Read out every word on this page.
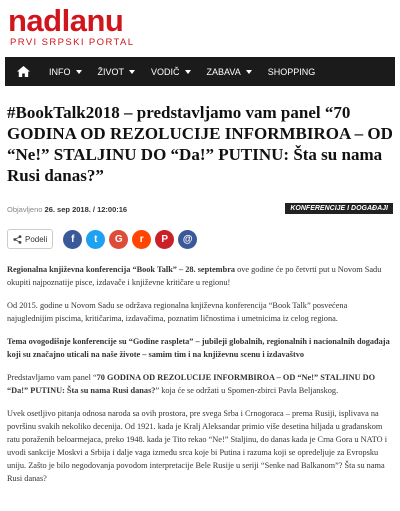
nadlanu
PRVI SRPSKI PORTAL
INFO	ŽIVOT	VODIČ	ZABAVA	SHOPPING
#BookTalk2018 – predstavljamo vam panel “70 GODINA OD REZOLUCIJE INFORMBIROA – OD “Ne!” STALJINU DO “Da!” PUTINU: Šta su nama Rusi danas?”
Objavljeno 26. sep 2018. / 12:00:16	KONFERENCIJE I DOGAĐAJI
Podeli f t G r P @

Regionalna književna konferencija “Book Talk” – 28. septembra ove godine će po četvrti put u Novom Sadu okupiti najpoznatije pisce, izdavače i književne kritičare u regionu!

Od 2015. godine u Novom Sadu se održava regionalna književna konferencija “Book Talk” posvećena najuglednijim piscima, kritičarima, izdavačima, poznatim ličnostima i umetnicima iz celog regiona.

Tema ovogodišnje konferencije su “Godine raspleta” – jubileji globalnih, regionalnih i nacionalnih događaja koji su značajno uticali na naše živote – samim tim i na književnu scenu i izdavaštvo

Predstavljamo vam panel “70 GODINA OD REZOLUCIJE INFORMBIROA – OD “Ne!” STALJINU DO “Da!” PUTINU: Šta su nama Rusi danas?” koja će se održati u Spomen-zbirci Pavla Beljanskog.

Uvek osetljivo pitanja odnosa naroda sa ovih prostora, pre svega Srba i Crnogoraca – prema Rusiji, isplivava na površinu svakih nekoliko decenija. Od 1921. kada je Kralj Aleksandar primio više desetina hiljada u građanskom ratu poraženih beloarmejaca, preko 1948. kada je Tito rekao “Ne!” Staljinu, do danas kada je Crna Gora u NATO i uvodi sankcije Moskvi a Srbija i dalje vaga između srca koje bi Putina i razuma koji se opredeljuje za Evropsku uniju. Zašto je bilo negodovanja povodom interpretacije Bele Rusije u seriji “Senke nad Balkanom”? Šta su nama Rusi danas?
